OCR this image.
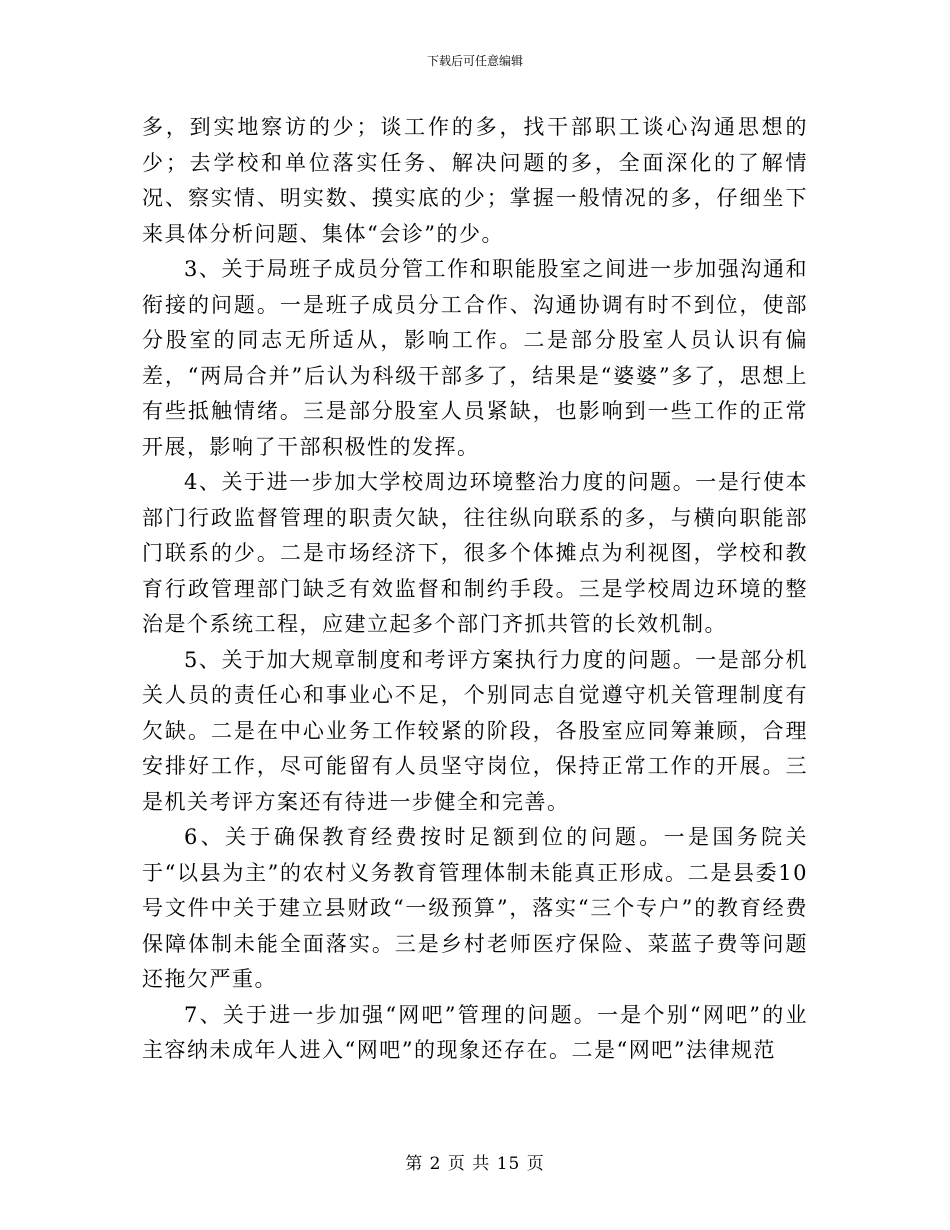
下载后可任意编辑

多，到实地察访的少；谈工作的多，找干部职工谈心沟通思想的少；去学校和单位落实任务、解决问题的多，全面深化的了解情况、察实情、明实数、摸实底的少；掌握一般情况的多，仔细坐下来具体分析问题、集体“会诊”的少。

3、关于局班子成员分管工作和职能股室之间进一步加强沟通和衔接的问题。一是班子成员分工合作、沟通协调有时不到位，使部分股室的同志无所适从，影响工作。二是部分股室人员认识有偏差，“两局合并”后认为科级干部多了，结果是“婆婆”多了，思想上有些抵触情绪。三是部分股室人员紧缺，也影响到一些工作的正常开展，影响了干部积极性的发挥。

4、关于进一步加大学校周边环境整治力度的问题。一是行使本部门行政监督管理的职责欠缺，往往纵向联系的多，与横向职能部门联系的少。二是市场经济下，很多个体摊点为利视图，学校和教育行政管理部门缺乏有效监督和制约手段。三是学校周边环境的整治是个系统工程，应建立起多个部门齐抓共管的长效机制。

5、关于加大规章制度和考评方案执行力度的问题。一是部分机关人员的责任心和事业心不足，个别同志自觉遵守机关管理制度有欠缺。二是在中心业务工作较紧的阶段，各股室应同筹兼顾，合理安排好工作，尽可能留有人员坚守岗位，保持正常工作的开展。三是机关考评方案还有待进一步健全和完善。

6、关于确保教育经费按时足额到位的问题。一是国务院关于“以县为主”的农村义务教育管理体制未能真正形成。二是县委10号文件中关于建立县财政“一级预算”，落实“三个专户”的教育经费保障体制未能全面落实。三是乡村老师医疗保险、菜蓝子费等问题还拖欠严重。

7、关于进一步加强“网吧”管理的问题。一是个别“网吧”的业主容纳未成年人进入“网吧”的现象还存在。二是“网吧”法律规范

第 2 页 共 15 页
